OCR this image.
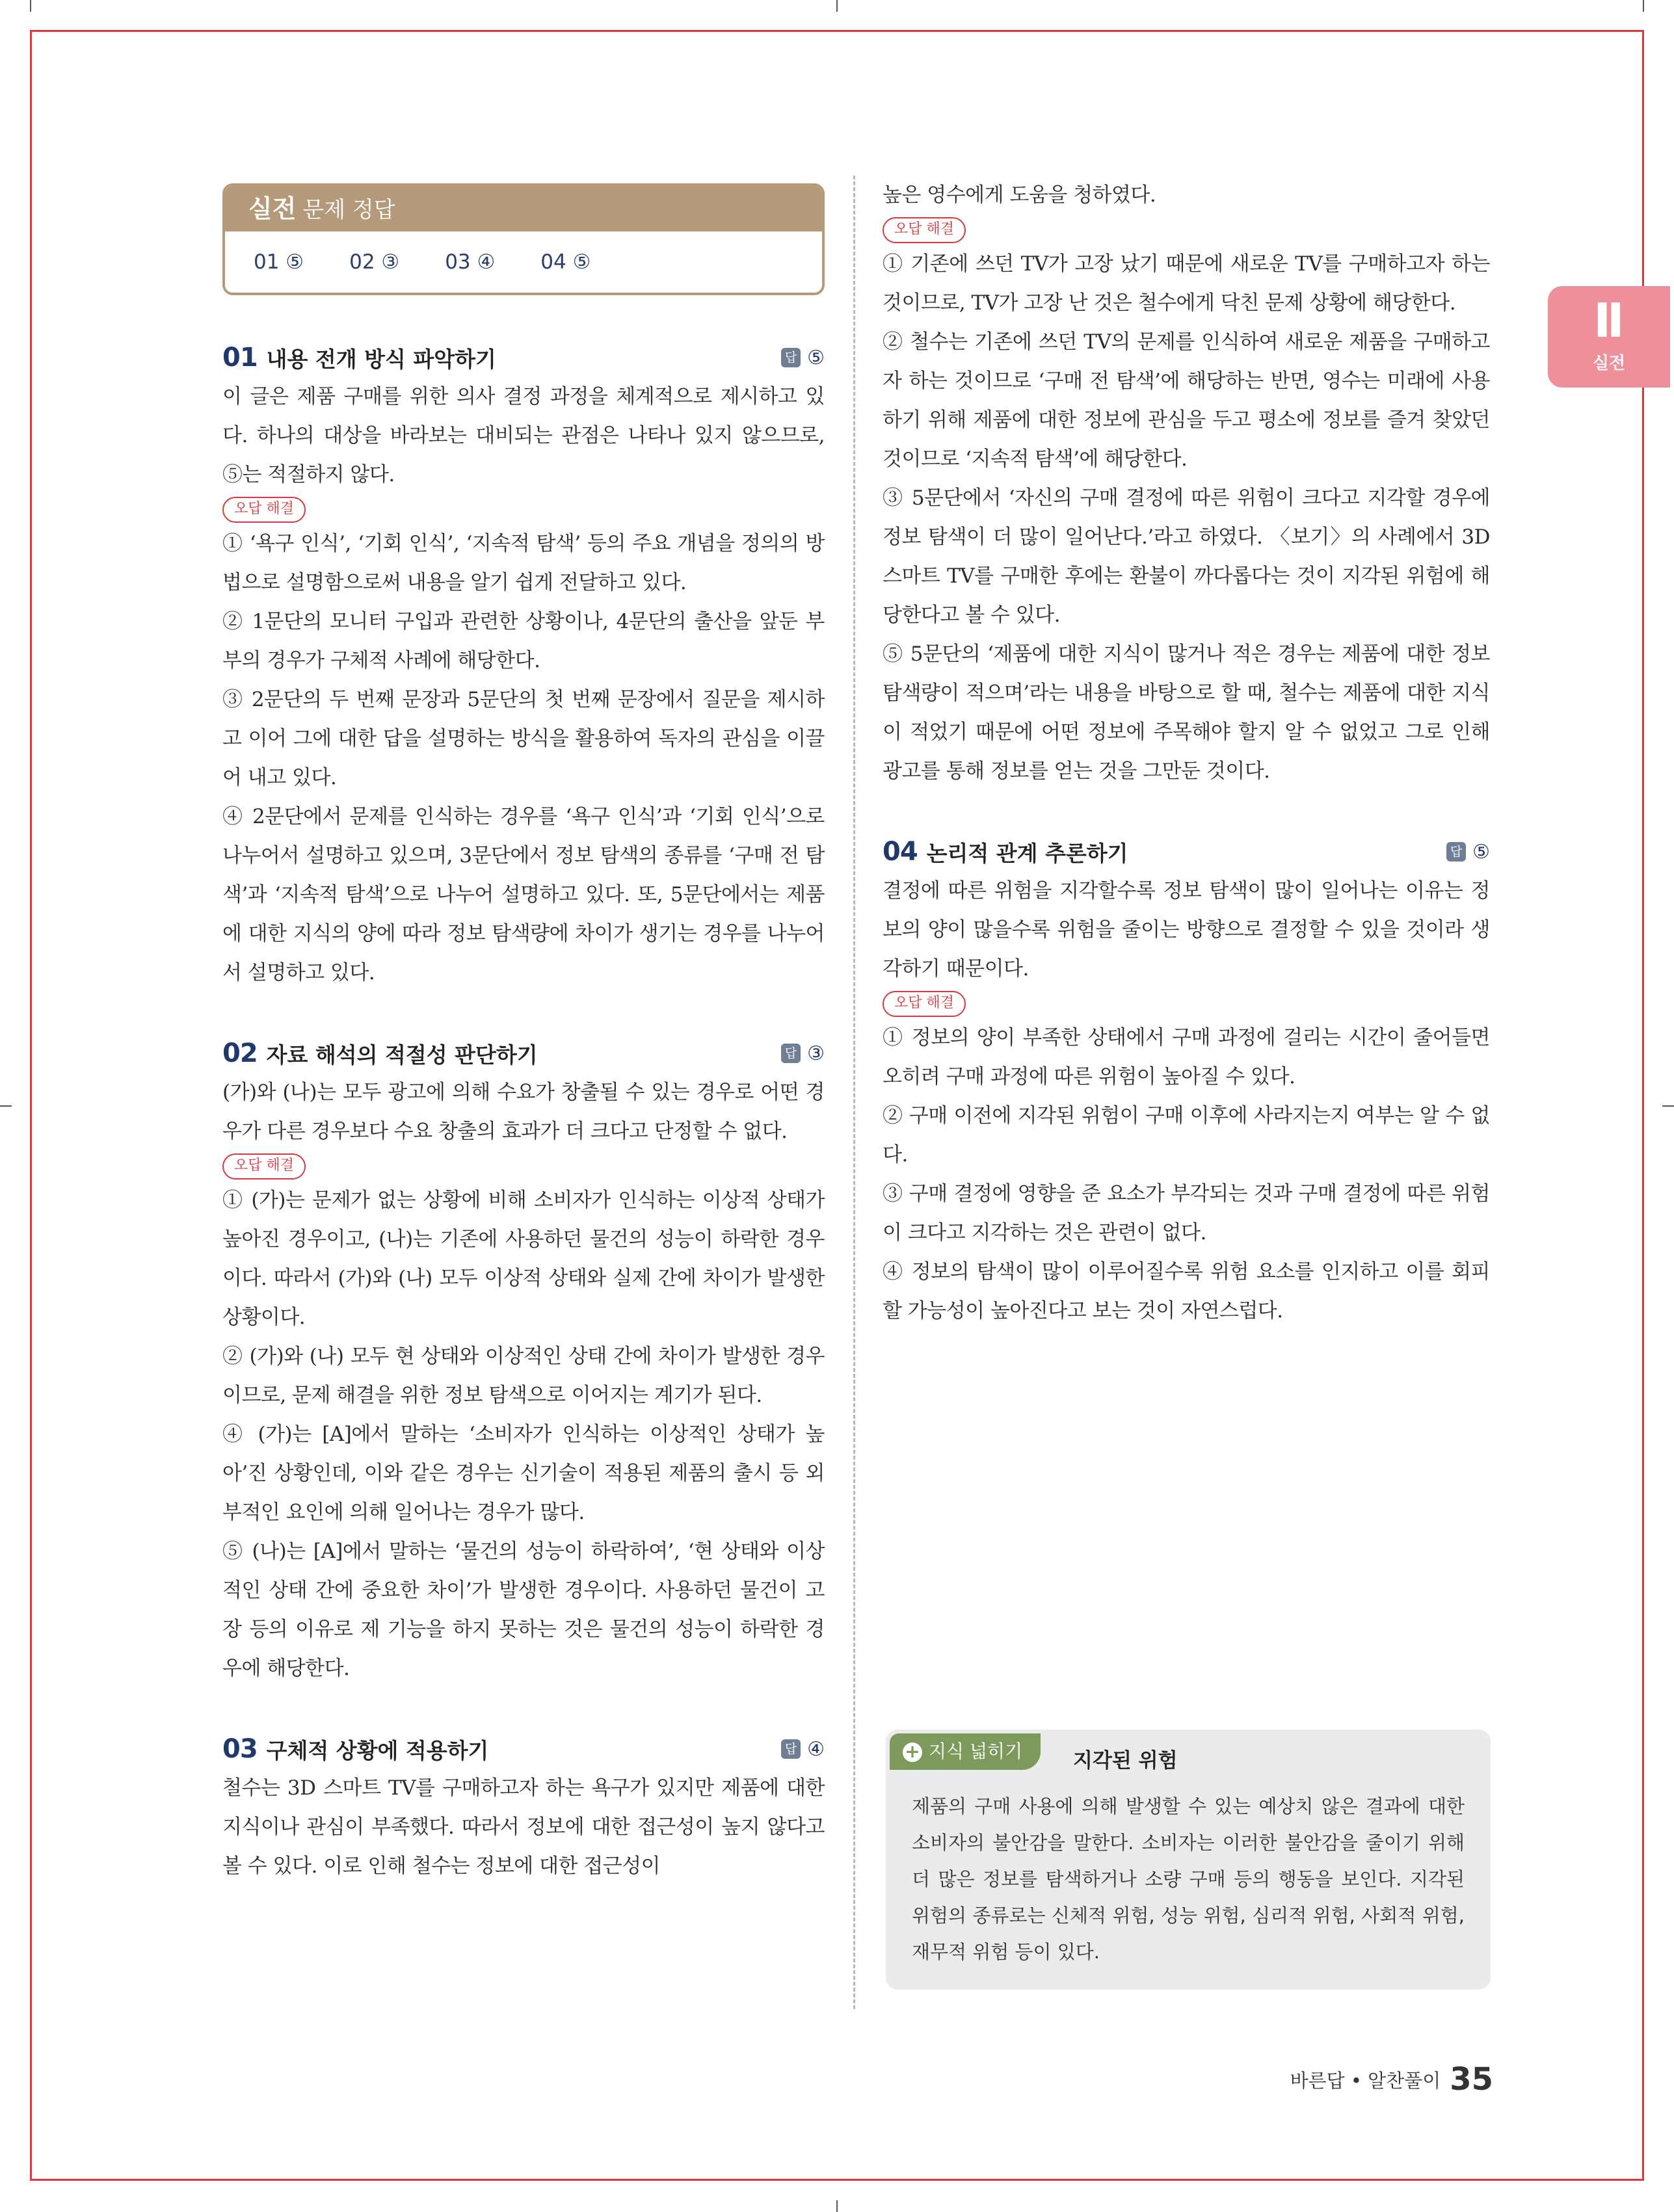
Ⅱ
실전
실전 문제 정답
01 ⑤ 02 ③ 03 ④ 04 ⑤
01 내용 전개 방식 파악하기	답 ⑤

이 글은 제품 구매를 위한 의사 결정 과정을 체계적으로 제시하고 있다. 하나의 대상을 바라보는 대비되는 관점은 나타나 있지 않으므로, ⑤는 적절하지 않다.

오답 해결

① ‘욕구 인식’, ‘기회 인식’, ‘지속적 탐색’ 등의 주요 개념을 정의의 방법으로 설명함으로써 내용을 알기 쉽게 전달하고 있다.

② 1문단의 모니터 구입과 관련한 상황이나, 4문단의 출산을 앞둔 부부의 경우가 구체적 사례에 해당한다.

③ 2문단의 두 번째 문장과 5문단의 첫 번째 문장에서 질문을 제시하고 이어 그에 대한 답을 설명하는 방식을 활용하여 독자의 관심을 이끌어 내고 있다.

④ 2문단에서 문제를 인식하는 경우를 ‘욕구 인식’과 ‘기회 인식’으로 나누어서 설명하고 있으며, 3문단에서 정보 탐색의 종류를 ‘구매 전 탐색’과 ‘지속적 탐색’으로 나누어 설명하고 있다. 또, 5문단에서는 제품에 대한 지식의 양에 따라 정보 탐색량에 차이가 생기는 경우를 나누어서 설명하고 있다.

02 자료 해석의 적절성 판단하기	답 ③

(가)와 (나)는 모두 광고에 의해 수요가 창출될 수 있는 경우로 어떤 경우가 다른 경우보다 수요 창출의 효과가 더 크다고 단정할 수 없다.

오답 해결

① (가)는 문제가 없는 상황에 비해 소비자가 인식하는 이상적 상태가 높아진 경우이고, (나)는 기존에 사용하던 물건의 성능이 하락한 경우이다. 따라서 (가)와 (나) 모두 이상적 상태와 실제 간에 차이가 발생한 상황이다.

② (가)와 (나) 모두 현 상태와 이상적인 상태 간에 차이가 발생한 경우이므로, 문제 해결을 위한 정보 탐색으로 이어지는 계기가 된다.

④ (가)는 [A]에서 말하는 ‘소비자가 인식하는 이상적인 상태가 높아’진 상황인데, 이와 같은 경우는 신기술이 적용된 제품의 출시 등 외부적인 요인에 의해 일어나는 경우가 많다.

⑤ (나)는 [A]에서 말하는 ‘물건의 성능이 하락하여’, ‘현 상태와 이상적인 상태 간에 중요한 차이’가 발생한 경우이다. 사용하던 물건이 고장 등의 이유로 제 기능을 하지 못하는 것은 물건의 성능이 하락한 경우에 해당한다.

03 구체적 상황에 적용하기	답 ④

철수는 3D 스마트 TV를 구매하고자 하는 욕구가 있지만 제품에 대한 지식이나 관심이 부족했다. 따라서 정보에 대한 접근성이 높지 않다고 볼 수 있다. 이로 인해 철수는 정보에 대한 접근성이

높은 영수에게 도움을 청하였다.

오답 해결

① 기존에 쓰던 TV가 고장 났기 때문에 새로운 TV를 구매하고자 하는 것이므로, TV가 고장 난 것은 철수에게 닥친 문제 상황에 해당한다.

② 철수는 기존에 쓰던 TV의 문제를 인식하여 새로운 제품을 구매하고자 하는 것이므로 ‘구매 전 탐색’에 해당하는 반면, 영수는 미래에 사용하기 위해 제품에 대한 정보에 관심을 두고 평소에 정보를 즐겨 찾았던 것이므로 ‘지속적 탐색’에 해당한다.

③ 5문단에서 ‘자신의 구매 결정에 따른 위험이 크다고 지각할 경우에 정보 탐색이 더 많이 일어난다.’라고 하였다. 〈보기〉의 사례에서 3D 스마트 TV를 구매한 후에는 환불이 까다롭다는 것이 지각된 위험에 해당한다고 볼 수 있다.

⑤ 5문단의 ‘제품에 대한 지식이 많거나 적은 경우는 제품에 대한 정보 탐색량이 적으며’라는 내용을 바탕으로 할 때, 철수는 제품에 대한 지식이 적었기 때문에 어떤 정보에 주목해야 할지 알 수 없었고 그로 인해 광고를 통해 정보를 얻는 것을 그만둔 것이다.

04 논리적 관계 추론하기	답 ⑤

결정에 따른 위험을 지각할수록 정보 탐색이 많이 일어나는 이유는 정보의 양이 많을수록 위험을 줄이는 방향으로 결정할 수 있을 것이라 생각하기 때문이다.

오답 해결

① 정보의 양이 부족한 상태에서 구매 과정에 걸리는 시간이 줄어들면 오히려 구매 과정에 따른 위험이 높아질 수 있다.

② 구매 이전에 지각된 위험이 구매 이후에 사라지는지 여부는 알 수 없다.

③ 구매 결정에 영향을 준 요소가 부각되는 것과 구매 결정에 따른 위험이 크다고 지각하는 것은 관련이 없다.

④ 정보의 탐색이 많이 이루어질수록 위험 요소를 인지하고 이를 회피할 가능성이 높아진다고 보는 것이 자연스럽다.

+ 지식 넓히기	지각된 위험
제품의 구매 사용에 의해 발생할 수 있는 예상치 않은 결과에 대한 소비자의 불안감을 말한다. 소비자는 이러한 불안감을 줄이기 위해 더 많은 정보를 탐색하거나 소량 구매 등의 행동을 보인다. 지각된 위험의 종류로는 신체적 위험, 성능 위험, 심리적 위험, 사회적 위험, 재무적 위험 등이 있다.
바른답 • 알찬풀이 35
